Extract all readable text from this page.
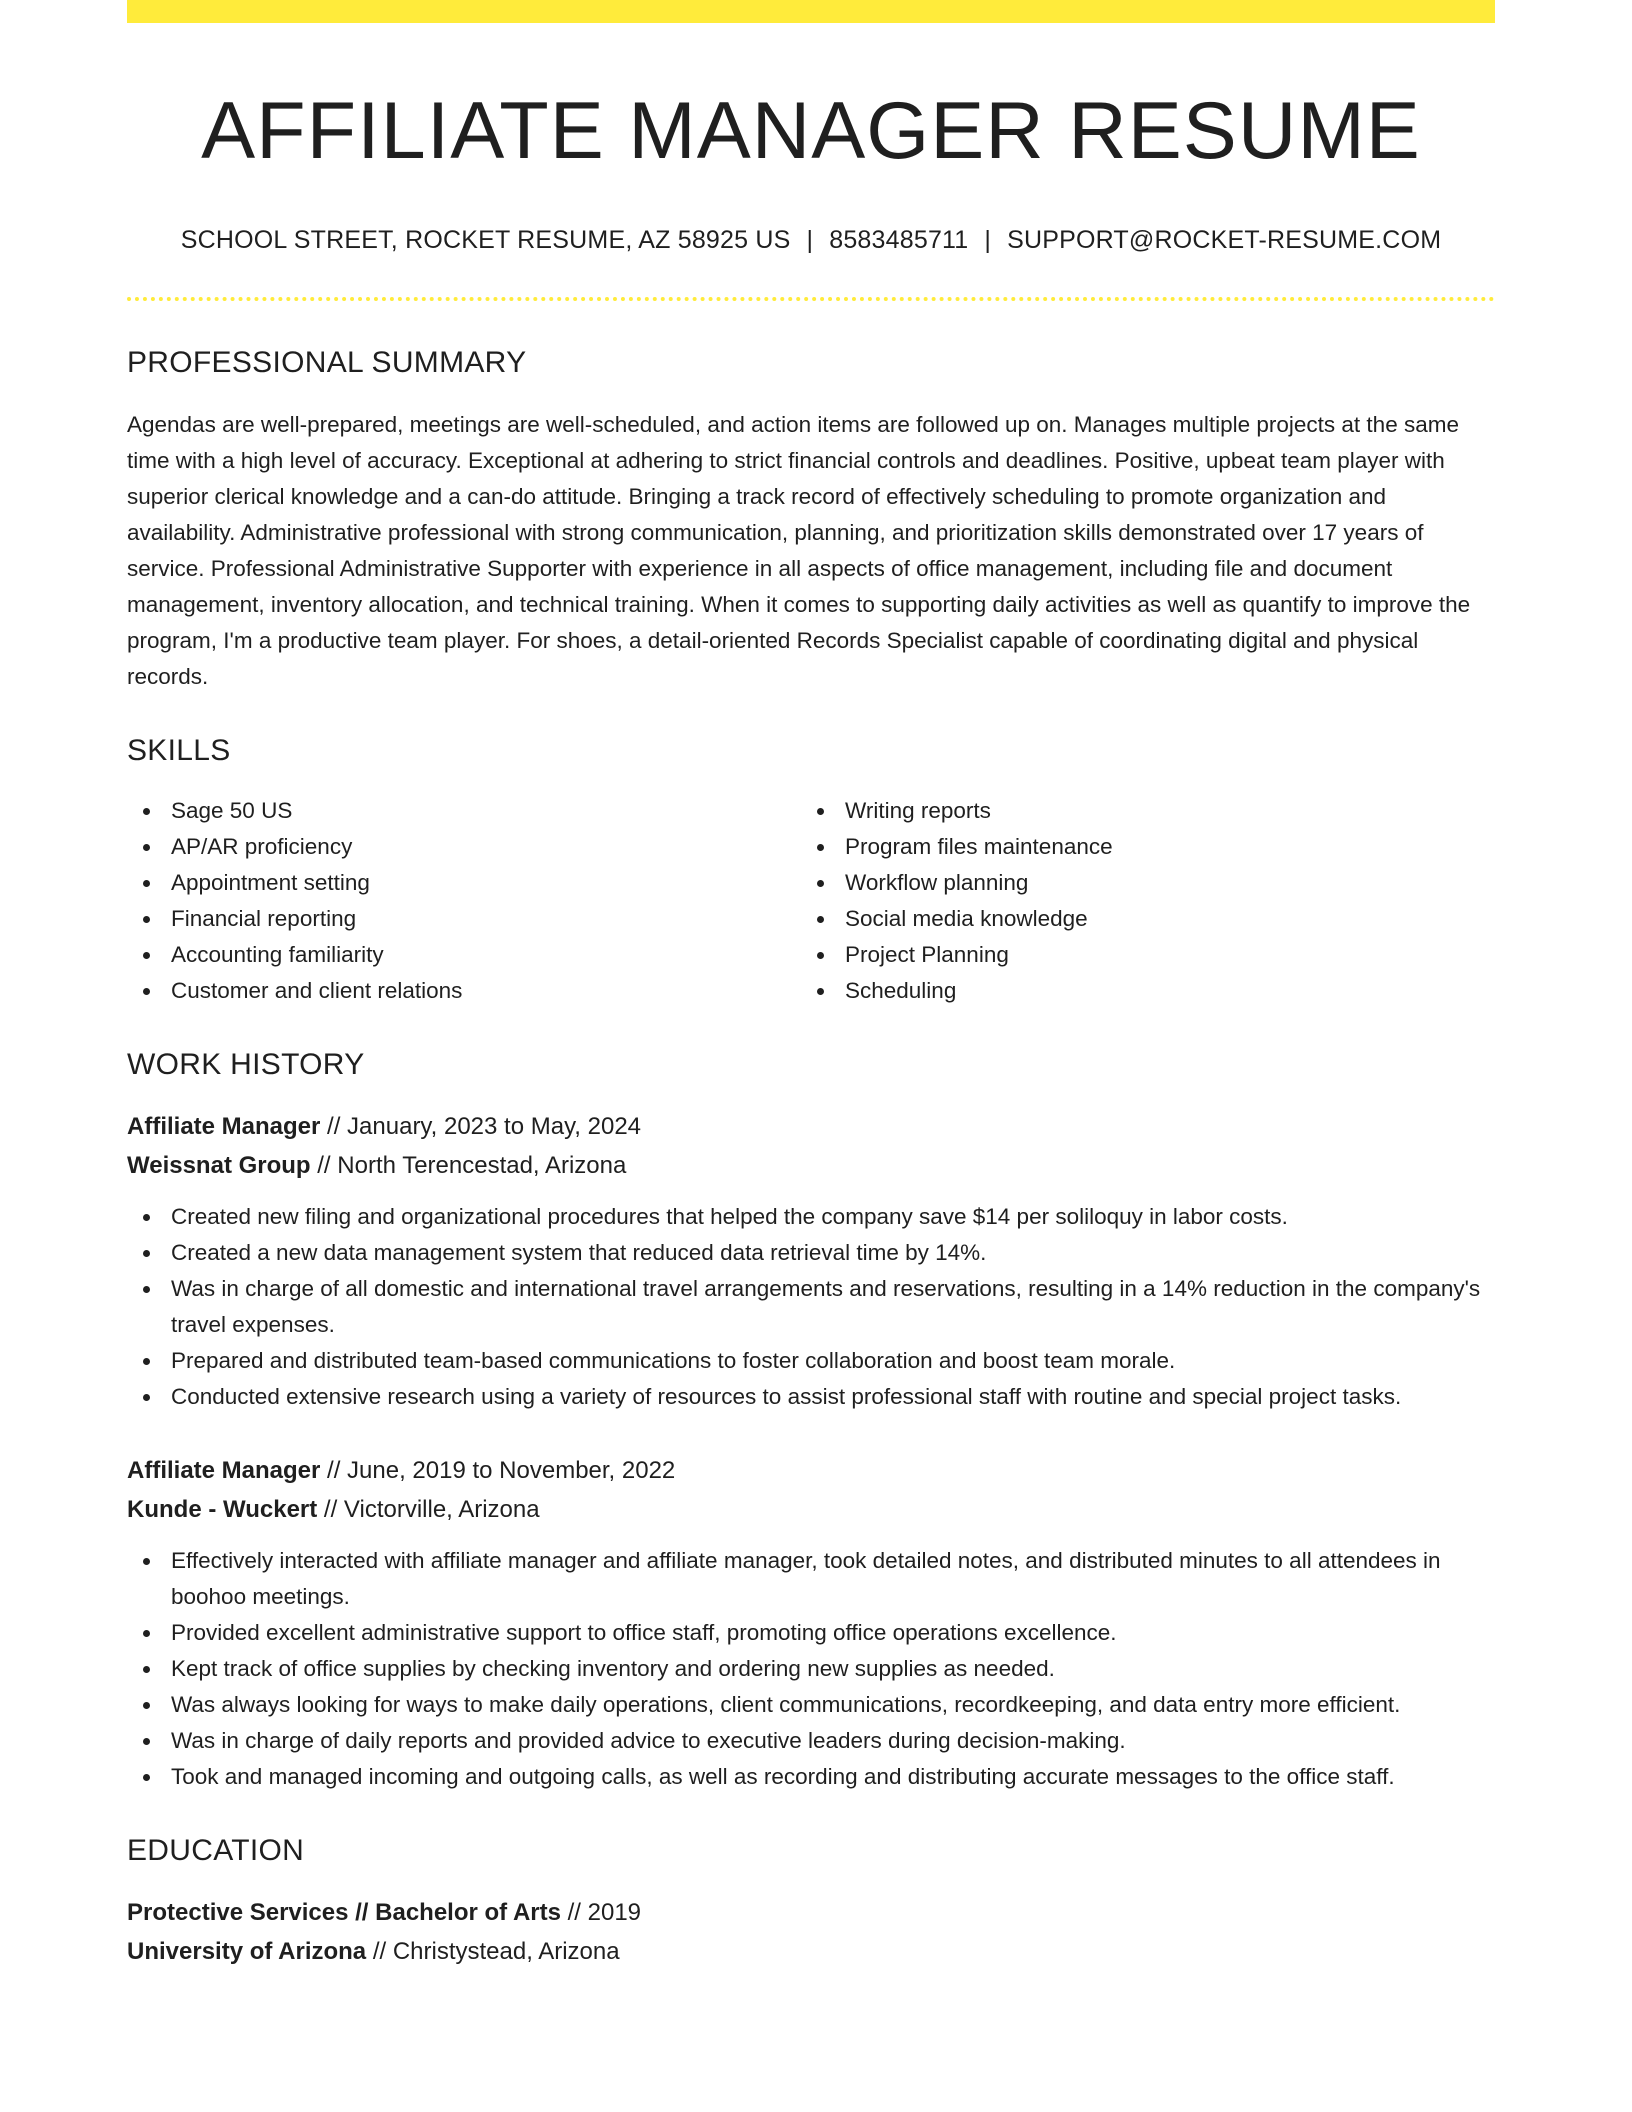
AFFILIATE MANAGER RESUME
SCHOOL STREET, ROCKET RESUME, AZ 58925 US | 8583485711 | SUPPORT@ROCKET-RESUME.COM
PROFESSIONAL SUMMARY

Agendas are well-prepared, meetings are well-scheduled, and action items are followed up on. Manages multiple projects at the same time with a high level of accuracy. Exceptional at adhering to strict financial controls and deadlines. Positive, upbeat team player with superior clerical knowledge and a can-do attitude. Bringing a track record of effectively scheduling to promote organization and availability. Administrative professional with strong communication, planning, and prioritization skills demonstrated over 17 years of service. Professional Administrative Supporter with experience in all aspects of office management, including file and document management, inventory allocation, and technical training. When it comes to supporting daily activities as well as quantify to improve the program, I'm a productive team player. For shoes, a detail-oriented Records Specialist capable of coordinating digital and physical records.

SKILLS
Sage 50 US
AP/AR proficiency
Appointment setting
Financial reporting
Accounting familiarity
Customer and client relations
Writing reports
Program files maintenance
Workflow planning
Social media knowledge
Project Planning
Scheduling
WORK HISTORY
Affiliate Manager // January, 2023 to May, 2024
Weissnat Group // North Terencestad, Arizona
Created new filing and organizational procedures that helped the company save $14 per soliloquy in labor costs.
Created a new data management system that reduced data retrieval time by 14%.
Was in charge of all domestic and international travel arrangements and reservations, resulting in a 14% reduction in the company's travel expenses.
Prepared and distributed team-based communications to foster collaboration and boost team morale.
Conducted extensive research using a variety of resources to assist professional staff with routine and special project tasks.
Affiliate Manager // June, 2019 to November, 2022
Kunde - Wuckert // Victorville, Arizona
Effectively interacted with affiliate manager and affiliate manager, took detailed notes, and distributed minutes to all attendees in boohoo meetings.
Provided excellent administrative support to office staff, promoting office operations excellence.
Kept track of office supplies by checking inventory and ordering new supplies as needed.
Was always looking for ways to make daily operations, client communications, recordkeeping, and data entry more efficient.
Was in charge of daily reports and provided advice to executive leaders during decision-making.
Took and managed incoming and outgoing calls, as well as recording and distributing accurate messages to the office staff.
EDUCATION
Protective Services // Bachelor of Arts // 2019
University of Arizona // Christystead, Arizona
